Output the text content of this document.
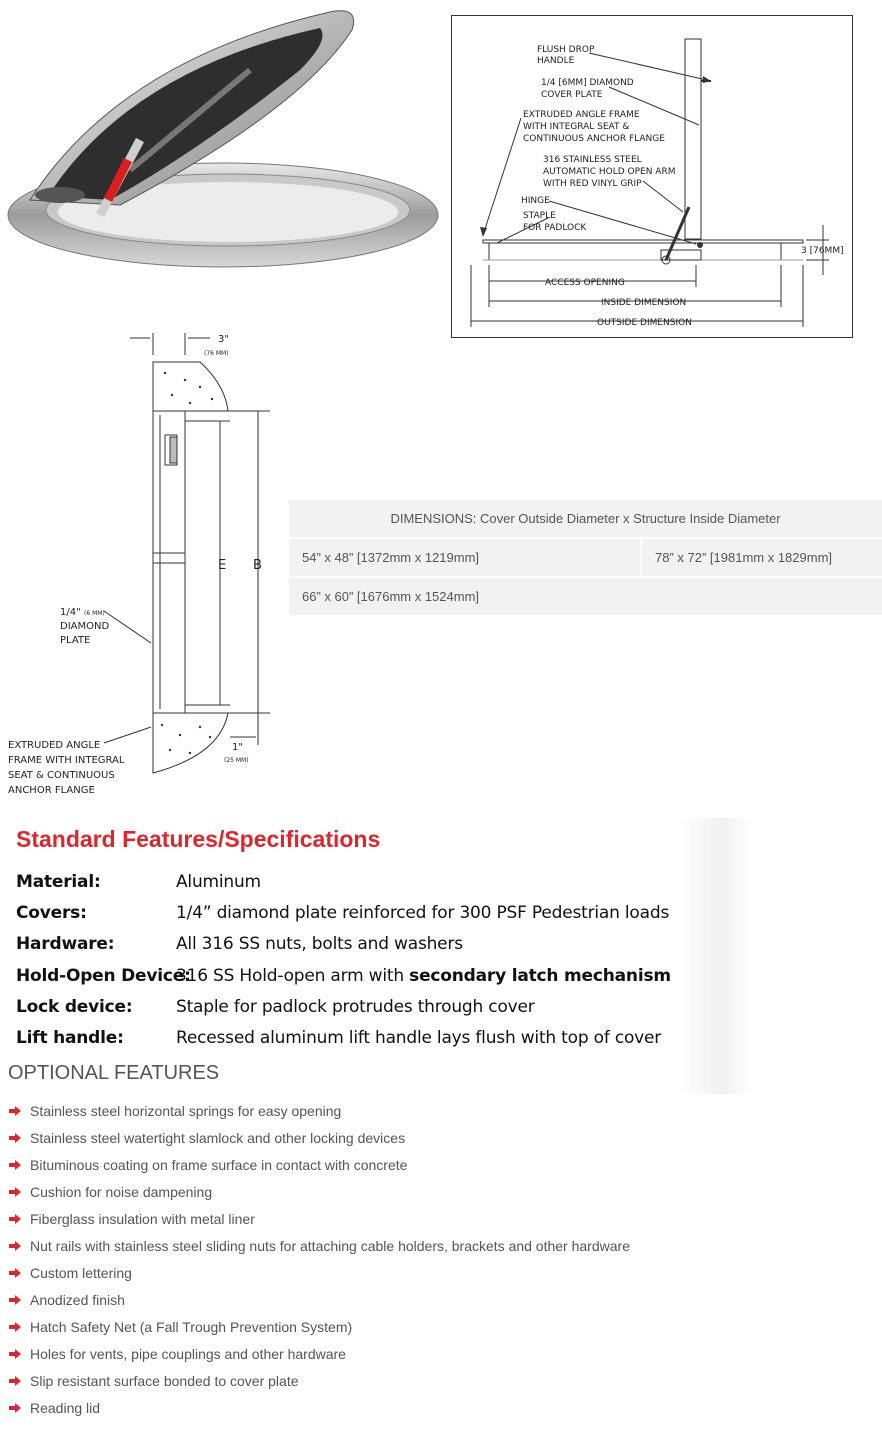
FLUSH DROP HANDLE
1/4 [6MM] DIAMOND COVER PLATE
EXTRUDED ANGLE FRAME WITH INTEGRAL SEAT & CONTINUOUS ANCHOR FLANGE
316 STAINLESS STEEL AUTOMATIC HOLD OPEN ARM WITH RED VINYL GRIP
HINGE
STAPLE FOR PADLOCK
3 [76MM]
ACCESS OPENING
INSIDE DIMENSION
OUTSIDE DIMENSION
3"
(76 MM)
E B
1/4" (6 MM)
DIAMOND
PLATE
EXTRUDED ANGLE FRAME WITH INTEGRAL SEAT & CONTINUOUS ANCHOR FLANGE
1"
(25 MM)
DIMENSIONS: Cover Outside Diameter x Structure Inside Diameter
54” x 48” [1372mm x 1219mm]	78” x 72” [1981mm x 1829mm]
66” x 60” [1676mm x 1524mm]
Standard Features/Specifications
Material:	Aluminum
Covers:	1/4” diamond plate reinforced for 300 PSF Pedestrian loads
Hardware:	All 316 SS nuts, bolts and washers
Hold-Open Device:
316 SS Hold-open arm with secondary latch mechanism
Lock device:	Staple for padlock protrudes through cover
Lift handle:	Recessed aluminum lift handle lays flush with top of cover
OPTIONAL FEATURES
Stainless steel horizontal springs for easy opening
Stainless steel watertight slamlock and other locking devices
Bituminous coating on frame surface in contact with concrete
Cushion for noise dampening
Fiberglass insulation with metal liner
Nut rails with stainless steel sliding nuts for attaching cable holders, brackets and other hardware
Custom lettering
Anodized finish
Hatch Safety Net (a Fall Trough Prevention System)
Holes for vents, pipe couplings and other hardware
Slip resistant surface bonded to cover plate
Reading lid
